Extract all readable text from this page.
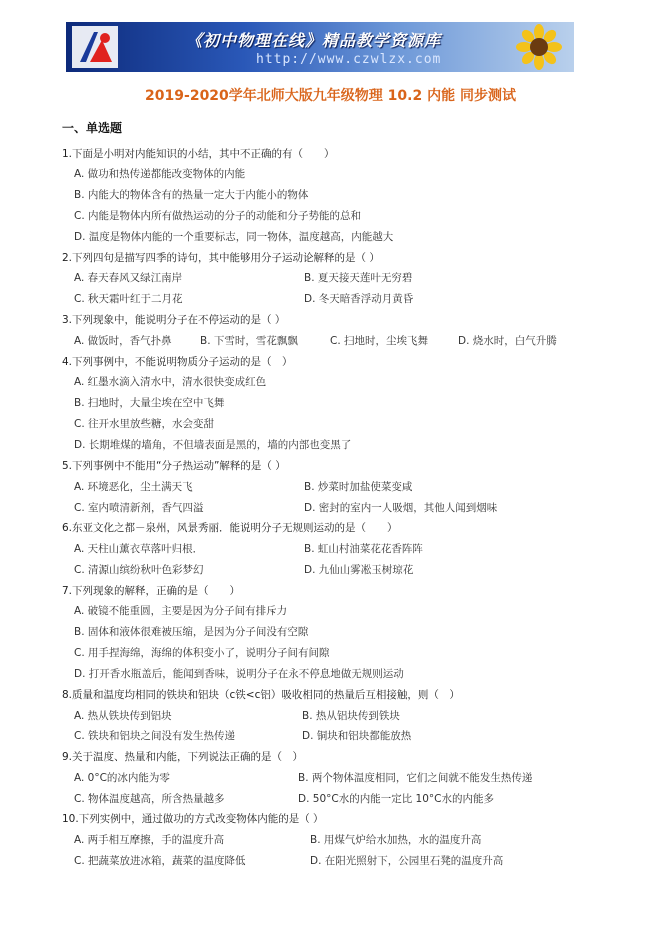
《初中物理在线》精品教学资源库
http://www.czwlzx.com
2019-2020学年北师大版九年级物理 10.2 内能 同步测试
一、单选题
1.下面是小明对内能知识的小结，其中不正确的有（　　）
A. 做功和热传递都能改变物体的内能
B. 内能大的物体含有的热量一定大于内能小的物体
C. 内能是物体内所有做热运动的分子的动能和分子势能的总和
D. 温度是物体内能的一个重要标志，同一物体，温度越高，内能越大
2.下列四句是描写四季的诗句，其中能够用分子运动论解释的是（ ）
A. 春天春风又绿江南岸	B. 夏天接天莲叶无穷碧
C. 秋天霜叶红于二月花	D. 冬天暗香浮动月黄昏
3.下列现象中，能说明分子在不停运动的是（ ）
A. 做饭时，香气扑鼻	B. 下雪时，雪花飘飘	C. 扫地时，尘埃飞舞	D. 烧水时，白气升腾
4.下列事例中，不能说明物质分子运动的是（　）
A. 红墨水滴入清水中，清水很快变成红色
B. 扫地时，大量尘埃在空中飞舞
C. 往开水里放些糖，水会变甜
D. 长期堆煤的墙角，不但墙表面是黑的，墙的内部也变黑了
5.下列事例中不能用“分子热运动”解释的是（ ）
A. 环境恶化，尘土满天飞	B. 炒菜时加盐使菜变咸
C. 室内喷清新剂，香气四溢	D. 密封的室内一人吸烟，其他人闻到烟味
6.东亚文化之都－泉州，风景秀丽．能说明分子无规则运动的是（　　）
A. 天柱山薰衣草落叶归根．	B. 虹山村油菜花花香阵阵
C. 清源山缤纷秋叶色彩梦幻	D. 九仙山雾凇玉树琼花
7.下列现象的解释，正确的是（　　）
A. 破镜不能重圆，主要是因为分子间有排斥力
B. 固体和液体很难被压缩，是因为分子间没有空隙
C. 用手捏海绵，海绵的体积变小了，说明分子间有间隙
D. 打开香水瓶盖后，能闻到香味，说明分子在永不停息地做无规则运动
8.质量和温度均相同的铁块和铝块（c铁<c铝）吸收相同的热量后互相接触，则（　）
A. 热从铁块传到铝块	B. 热从铝块传到铁块
C. 铁块和铝块之间没有发生热传递	D. 铜块和铝块都能放热
9.关于温度、热量和内能，下列说法正确的是（　）
A. 0°C的冰内能为零	B. 两个物体温度相同，它们之间就不能发生热传递
C. 物体温度越高，所含热量越多	D. 50°C水的内能一定比 10°C水的内能多
10.下列实例中，通过做功的方式改变物体内能的是（ ）
A. 两手相互摩擦，手的温度升高	B. 用煤气炉给水加热，水的温度升高
C. 把蔬菜放进冰箱，蔬菜的温度降低	D. 在阳光照射下，公园里石凳的温度升高
